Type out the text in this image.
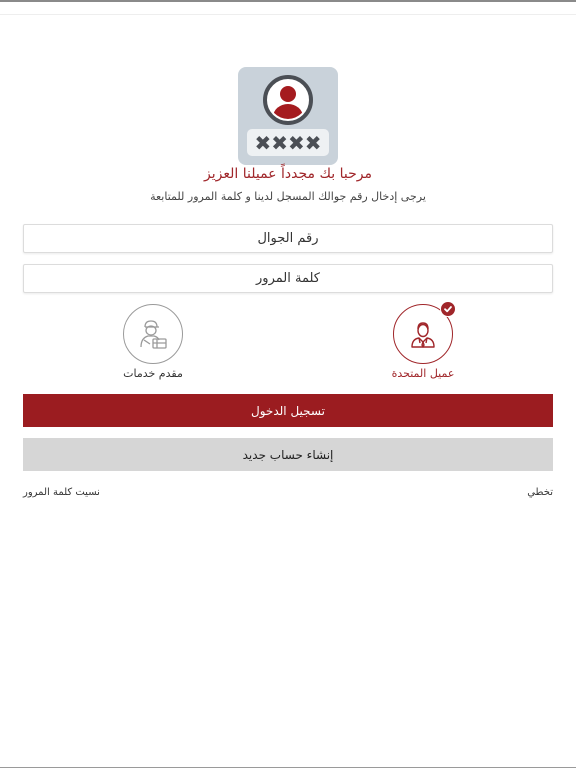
✖✖✖✖
مرحبا بك مجدداً عميلنا العزيز
يرجى إدخال رقم جوالك المسجل لدينا و كلمة المرور للمتابعة
رقم الجوال
عميل المتحدة
مقدم خدمات
تسجيل الدخول
إنشاء حساب جديد
تخطي
نسيت كلمة المرور
